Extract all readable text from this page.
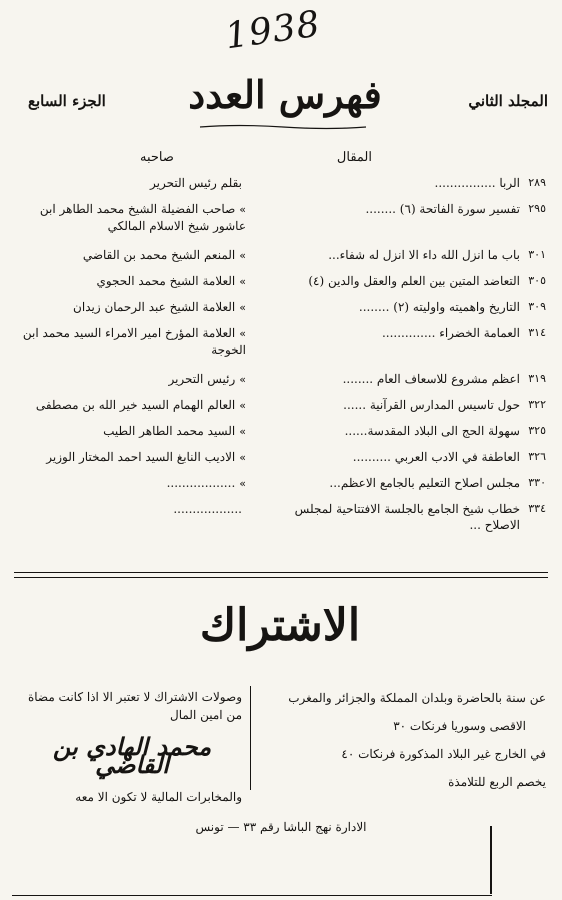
1938
المجلد الثاني
فهرس العدد
الجزء السابع
المقال
صاحبه
٢٨٩
الربا ................
بقلم رئيس التحرير
٢٩٥
تفسير سورة الفاتحة (٦) ........
»صاحب الفضيلة الشيخ محمد الطاهر ابن عاشور شيخ الاسلام المالكي
٣٠١
باب ما انزل الله داء الا انزل له شفاء...
»المنعم الشيخ محمد بن القاضي
٣٠٥
التعاضد المتين بين العلم والعقل والدين (٤)
»العلامة الشيخ محمد الحجوي
٣٠٩
التاريخ واهميته واوليته (٢) ........
»العلامة الشيخ عبد الرحمان زيدان
٣١٤
العمامة الخضراء ..............
»العلامة المؤرخ امير الامراء السيد محمد ابن الخوجة
٣١٩
اعظم مشروع للاسعاف العام ........
»رئيس التحرير
٣٢٢
حول تاسيس المدارس القرآنية ......
»العالم الهمام السيد خير الله بن مصطفى
٣٢٥
سهولة الحج الى البلاد المقدسة......
»السيد محمد الطاهر الطيب
٣٢٦
العاطفة في الادب العربي ..........
»الاديب النابغ السيد احمد المختار الوزير
٣٣٠
مجلس اصلاح التعليم بالجامع الاعظم...
»..................
٣٣٤
خطاب شيخ الجامع بالجلسة الافتتاحية لمجلس الاصلاح ...
..................
الاشتراك
عن سنة بالحاضرة وبلدان المملكة والجزائر والمغرب
الاقصى وسوريا فرنكات ٣٠
في الخارج غير البلاد المذكورة فرنكات ٤٠
يخصم الربع للتلامذة
وصولات الاشتراك لا تعتبر الا اذا كانت مضاة من امين المال
محمد الهادي بن القاضي
والمخابرات المالية لا تكون الا معه
الادارة نهج الباشا رقم ٣٣ — تونس
